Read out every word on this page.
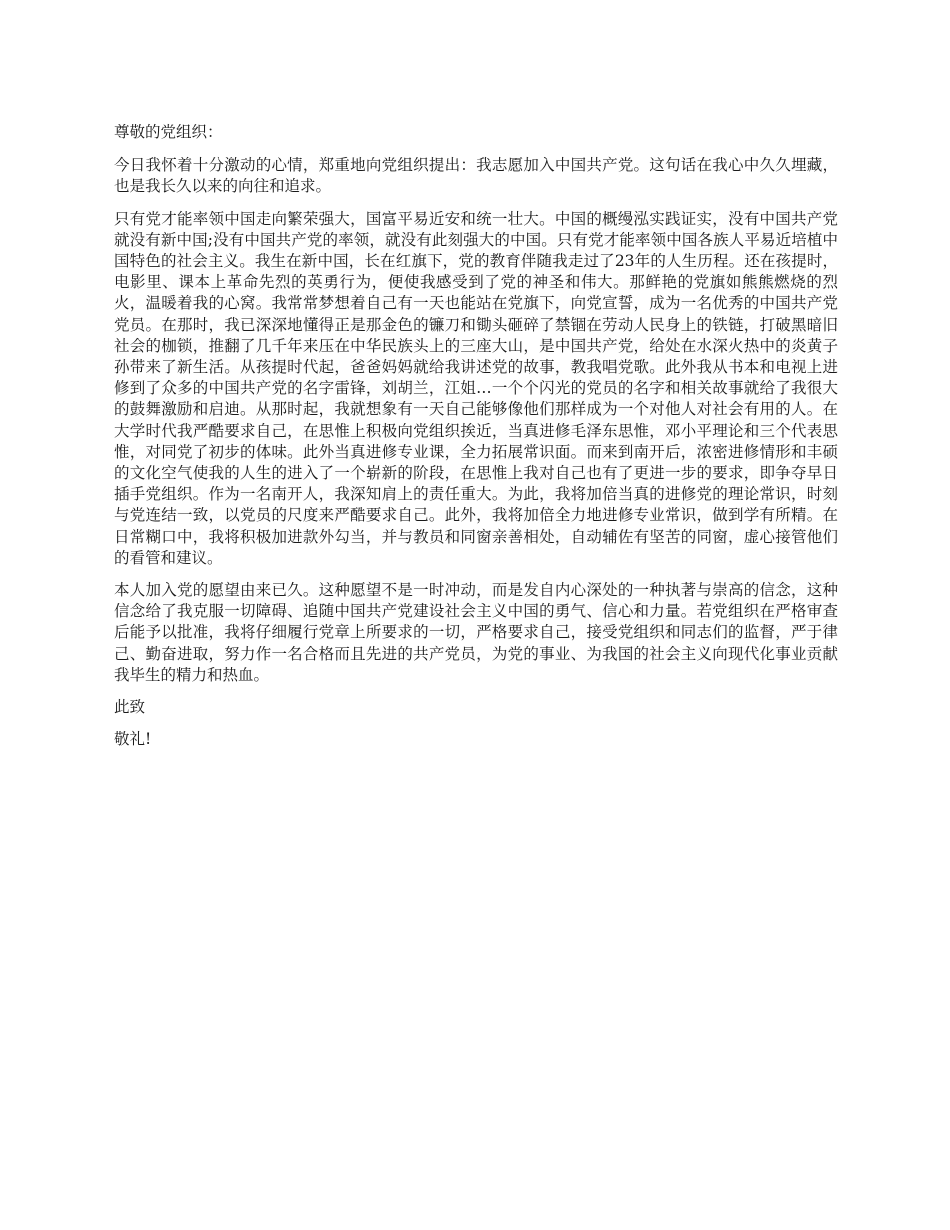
尊敬的党组织：

今日我怀着十分激动的心情，郑重地向党组织提出：我志愿加入中国共产党。这句话在我心中久久埋藏，也是我长久以来的向往和追求。

只有党才能率领中国走向繁荣强大，国富平易近安和统一壮大。中国的概缦泓实践证实，没有中国共产党就没有新中国;没有中国共产党的率领，就没有此刻强大的中国。只有党才能率领中国各族人平易近培植中国特色的社会主义。我生在新中国，长在红旗下，党的教育伴随我走过了23年的人生历程。还在孩提时，电影里、课本上革命先烈的英勇行为，便使我感受到了党的神圣和伟大。那鲜艳的党旗如熊熊燃烧的烈火，温暖着我的心窝。我常常梦想着自己有一天也能站在党旗下，向党宣誓，成为一名优秀的中国共产党党员。在那时，我已深深地懂得正是那金色的镰刀和锄头砸碎了禁锢在劳动人民身上的铁链，打破黑暗旧社会的枷锁，推翻了几千年来压在中华民族头上的三座大山，是中国共产党，给处在水深火热中的炎黄子孙带来了新生活。从孩提时代起，爸爸妈妈就给我讲述党的故事，教我唱党歌。此外我从书本和电视上进修到了众多的中国共产党的名字雷锋，刘胡兰，江姐…一个个闪光的党员的名字和相关故事就给了我很大的鼓舞激励和启迪。从那时起，我就想象有一天自己能够像他们那样成为一个对他人对社会有用的人。在大学时代我严酷要求自己，在思惟上积极向党组织挨近，当真进修毛泽东思惟，邓小平理论和三个代表思惟，对同党了初步的体味。此外当真进修专业课，全力拓展常识面。而来到南开后，浓密进修情形和丰硕的文化空气使我的人生的进入了一个崭新的阶段，在思惟上我对自己也有了更进一步的要求，即争夺早日插手党组织。作为一名南开人，我深知肩上的责任重大。为此，我将加倍当真的进修党的理论常识，时刻与党连结一致，以党员的尺度来严酷要求自己。此外，我将加倍全力地进修专业常识，做到学有所精。在日常糊口中，我将积极加进款外勾当，并与教员和同窗亲善相处，自动辅佐有坚苦的同窗，虚心接管他们的看管和建议。

本人加入党的愿望由来已久。这种愿望不是一时冲动，而是发自内心深处的一种执著与崇高的信念，这种信念给了我克服一切障碍、追随中国共产党建设社会主义中国的勇气、信心和力量。若党组织在严格审查后能予以批准，我将仔细履行党章上所要求的一切，严格要求自己，接受党组织和同志们的监督，严于律己、勤奋进取，努力作一名合格而且先进的共产党员，为党的事业、为我国的社会主义向现代化事业贡献我毕生的精力和热血。

此致

敬礼!
